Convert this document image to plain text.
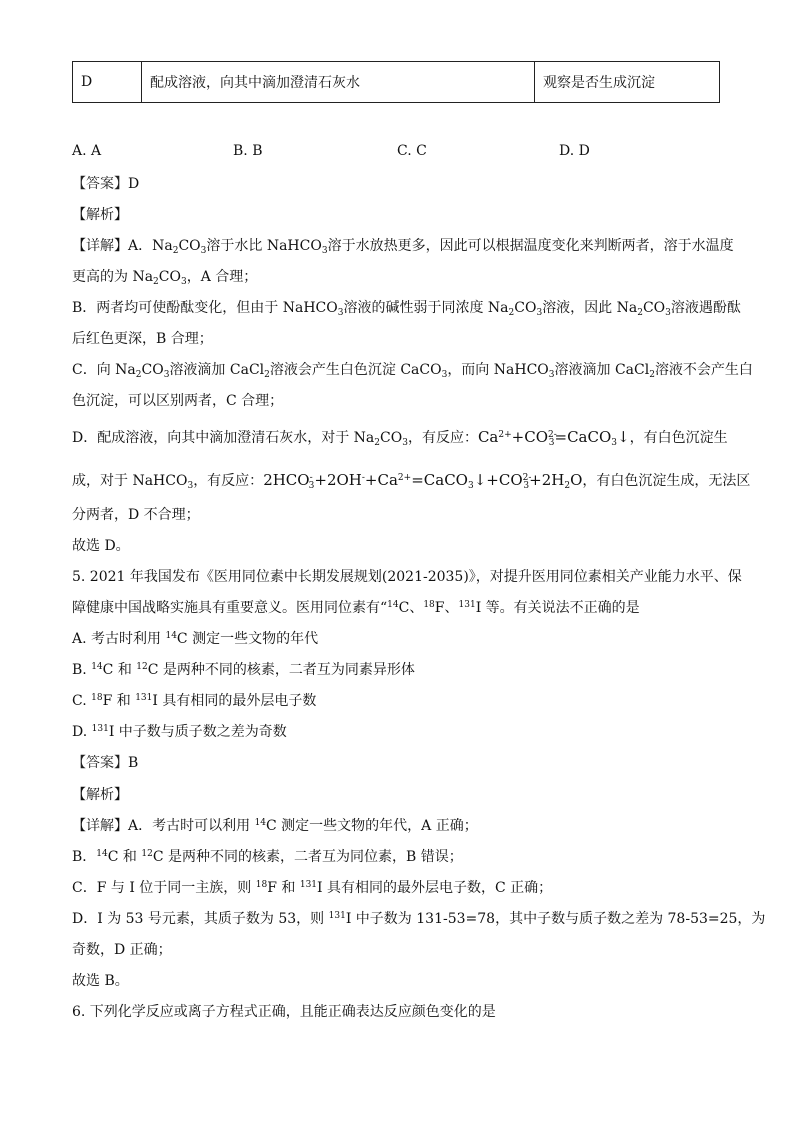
D	配成溶液，向其中滴加澄清石灰水	观察是否生成沉淀
A. A	B. B	C. C	D. D
【答案】D
【解析】
【详解】A．$Na_2CO_3$溶于水比 NaHCO$_3$溶于水放热更多，因此可以根据温度变化来判断两者，溶于水温度
更高的为 $Na_2CO_3$，A 合理；
B．两者均可使酚酞变化，但由于 NaHCO$_3$溶液的碱性弱于同浓度 $Na_2CO_3$溶液，因此 $Na_2CO_3$溶液遇酚酞
后红色更深，B 合理；
C．向 $Na_2CO_3$溶液滴加 CaCl$_2$溶液会产生白色沉淀 CaCO$_3$，而向 NaHCO$_3$溶液滴加 CaCl$_2$溶液不会产生白
色沉淀，可以区别两者，C 合理；
D．配成溶液，向其中滴加澄清石灰水，对于 $Na_2CO_3$，有反应：$Ca^{2+}+CO^{2-}_3=CaCO_3↓$，有白色沉淀生
成，对于 NaHCO$_3$，有反应：$2HCO^-_3+2OH^-+Ca^{2+}=CaCO_3↓+CO^{2-}_3+2H_2O$，有白色沉淀生成，无法区
分两者，D 不合理；
故选 D。
5. 2021 年我国发布《医用同位素中长期发展规划(2021-2035)》，对提升医用同位素相关产业能力水平、保
障健康中国战略实施具有重要意义。医用同位素有“$^{14}$C、$^{18}$F、$^{131}$I 等。有关说法不正确的是
A. 考古时利用 $^{14}$C 测定一些文物的年代
B. $^{14}$C 和 $^{12}$C 是两种不同的核素，二者互为同素异形体
C. $^{18}$F 和 $^{131}$I 具有相同的最外层电子数
D. $^{131}$I 中子数与质子数之差为奇数
【答案】B
【解析】
【详解】A．考古时可以利用 $^{14}$C 测定一些文物的年代，A 正确；
B．$^{14}$C 和 $^{12}$C 是两种不同的核素，二者互为同位素，B 错误；
C．F 与 I 位于同一主族，则 $^{18}$F 和 $^{131}$I 具有相同的最外层电子数，C 正确；
D．I 为 53 号元素，其质子数为 53，则 $^{131}$I 中子数为 131-53=78，其中子数与质子数之差为 78-53=25，为
奇数，D 正确；
故选 B。
6. 下列化学反应或离子方程式正确，且能正确表达反应颜色变化的是
